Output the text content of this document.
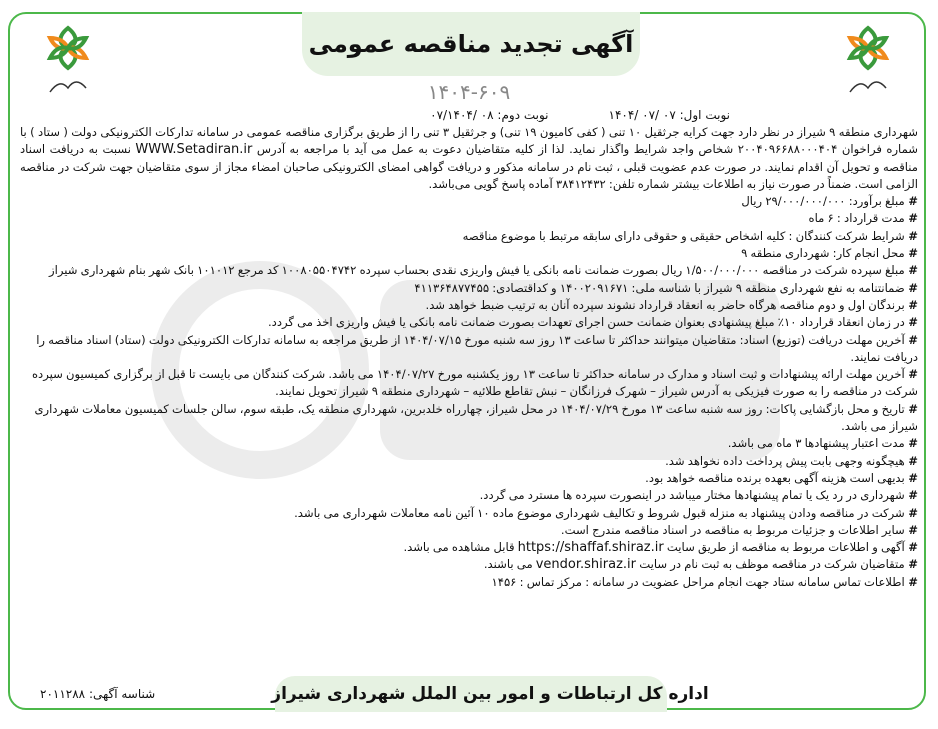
آگهی تجدید مناقصه عمومی
۱۴۰۴-۶۰۹
نوبت اول: ۰۷ /۰۷ /۱۴۰۴
نوبت دوم: ۰۸ /۰۷/۱۴۰۴

شهرداری منطقه ۹ شیراز در نظر دارد جهت کرایه جرثقیل ۱۰ تنی ( کفی کامیون ۱۹ تنی) و جرثقیل ۳ تنی را از طریق برگزاری مناقصه عمومی در سامانه تدارکات الکترونیکی دولت ( ستاد ) با شماره فراخوان ۲۰۰۴۰۹۶۶۸۸۰۰۰۴۰۴ شخاص واجد شرایط واگذار نماید. لذا از کلیه متقاضیان دعوت به عمل می آید با مراجعه به آدرس WWW.Setadiran.ir نسبت به دریافت اسناد مناقصه و تحویل آن اقدام نمایند. در صورت عدم عضویت قبلی ، ثبت نام در سامانه مذکور و دریافت گواهی امضای الکترونیکی صاحبان امضاء مجاز از سوی متقاضیان جهت شرکت در مناقصه الزامی است. ضمناً در صورت نیاز به اطلاعات بیشتر شماره تلفن: ۳۸۴۱۲۴۳۲ آماده پاسخ گویی می‌باشد.

# مبلغ برآورد: ۲۹/۰۰۰/۰۰۰/۰۰۰ ریال

# مدت قرارداد : ۶ ماه

# شرایط شرکت کنندگان : کلیه اشخاص حقیقی و حقوقی دارای سابقه مرتبط با موضوع مناقصه

# محل انجام کار: شهرداری منطقه ۹

# مبلغ سپرده شرکت در مناقصه ۱/۵۰۰/۰۰۰/۰۰۰ ریال بصورت ضمانت نامه بانکی یا فیش واریزی نقدی بحساب سپرده ۱۰۰۸۰۵۵۰۴۷۴۲ کد مرجع ۱۰۱۰۱۲ بانک شهر بنام شهرداری شیراز

# ضمانتنامه به نفع شهرداری منطقه ۹ شیراز با شناسه ملی: ۱۴۰۰۲۰۹۱۶۷۱ و کداقتصادی: ۴۱۱۳۶۴۸۷۷۴۵۵

# برندگان اول و دوم مناقصه هرگاه حاضر به انعقاد قرارداد نشوند سپرده آنان به ترتیب ضبط خواهد شد.

# در زمان انعقاد قرارداد ۱۰٪ مبلغ پیشنهادی بعنوان ضمانت حسن اجرای تعهدات بصورت ضمانت نامه بانکی یا فیش واریزی اخذ می گردد.

# آخرین مهلت دریافت (توزیع) اسناد: متقاضیان میتوانند حداکثر تا ساعت ۱۳ روز سه شنبه مورخ ۱۴۰۴/۰۷/۱۵ از طریق مراجعه به سامانه تدارکات الکترونیکی دولت (ستاد) اسناد مناقصه را دریافت نمایند.

# آخرین مهلت ارائه پیشنهادات و ثبت اسناد و مدارک در سامانه حداکثر تا ساعت ۱۳ روز یکشنبه مورخ ۱۴۰۴/۰۷/۲۷ می باشد. شرکت کنندگان می بایست تا قبل از برگزاری کمیسیون سپرده شرکت در مناقصه را به صورت فیزیکی به آدرس شیراز – شهرک فرزانگان – نبش تقاطع طلائیه – شهرداری منطقه ۹ شیراز تحویل نمایند.

# تاریخ و محل بازگشایی پاکات: روز سه شنبه ساعت ۱۳ مورخ ۱۴۰۴/۰۷/۲۹ در محل شیراز، چهارراه خلدبرین، شهرداری منطقه یک، طبقه سوم، سالن جلسات کمیسیون معاملات شهرداری شیراز می باشد.

# مدت اعتبار پیشنهادها ۳ ماه می باشد.

# هیچگونه وجهی بابت پیش پرداخت داده نخواهد شد.

# بدیهی است هزینه آگهی بعهده برنده مناقصه خواهد بود.

# شهرداری در رد یک یا تمام پیشنهادها مختار میباشد در اینصورت سپرده ها مسترد می گردد.

# شرکت در مناقصه ودادن پیشنهاد به منزله قبول شروط و تکالیف شهرداری موضوع ماده ۱۰ آئین نامه معاملات شهرداری می باشد.

# سایر اطلاعات و جزئیات مربوط به مناقصه در اسناد مناقصه مندرج است.

# آگهی و اطلاعات مربوط به مناقصه از طریق سایت https://shaffaf.shiraz.ir قابل مشاهده می باشد.

# متقاضیان شرکت در مناقصه موظف به ثبت نام در سایت vendor.shiraz.ir می باشند.

# اطلاعات تماس سامانه ستاد جهت انجام مراحل عضویت در سامانه : مرکز تماس : ۱۴۵۶

اداره کل ارتباطات و امور بین الملل شهرداری شیراز
شناسه آگهی: ۲۰۱۱۲۸۸
